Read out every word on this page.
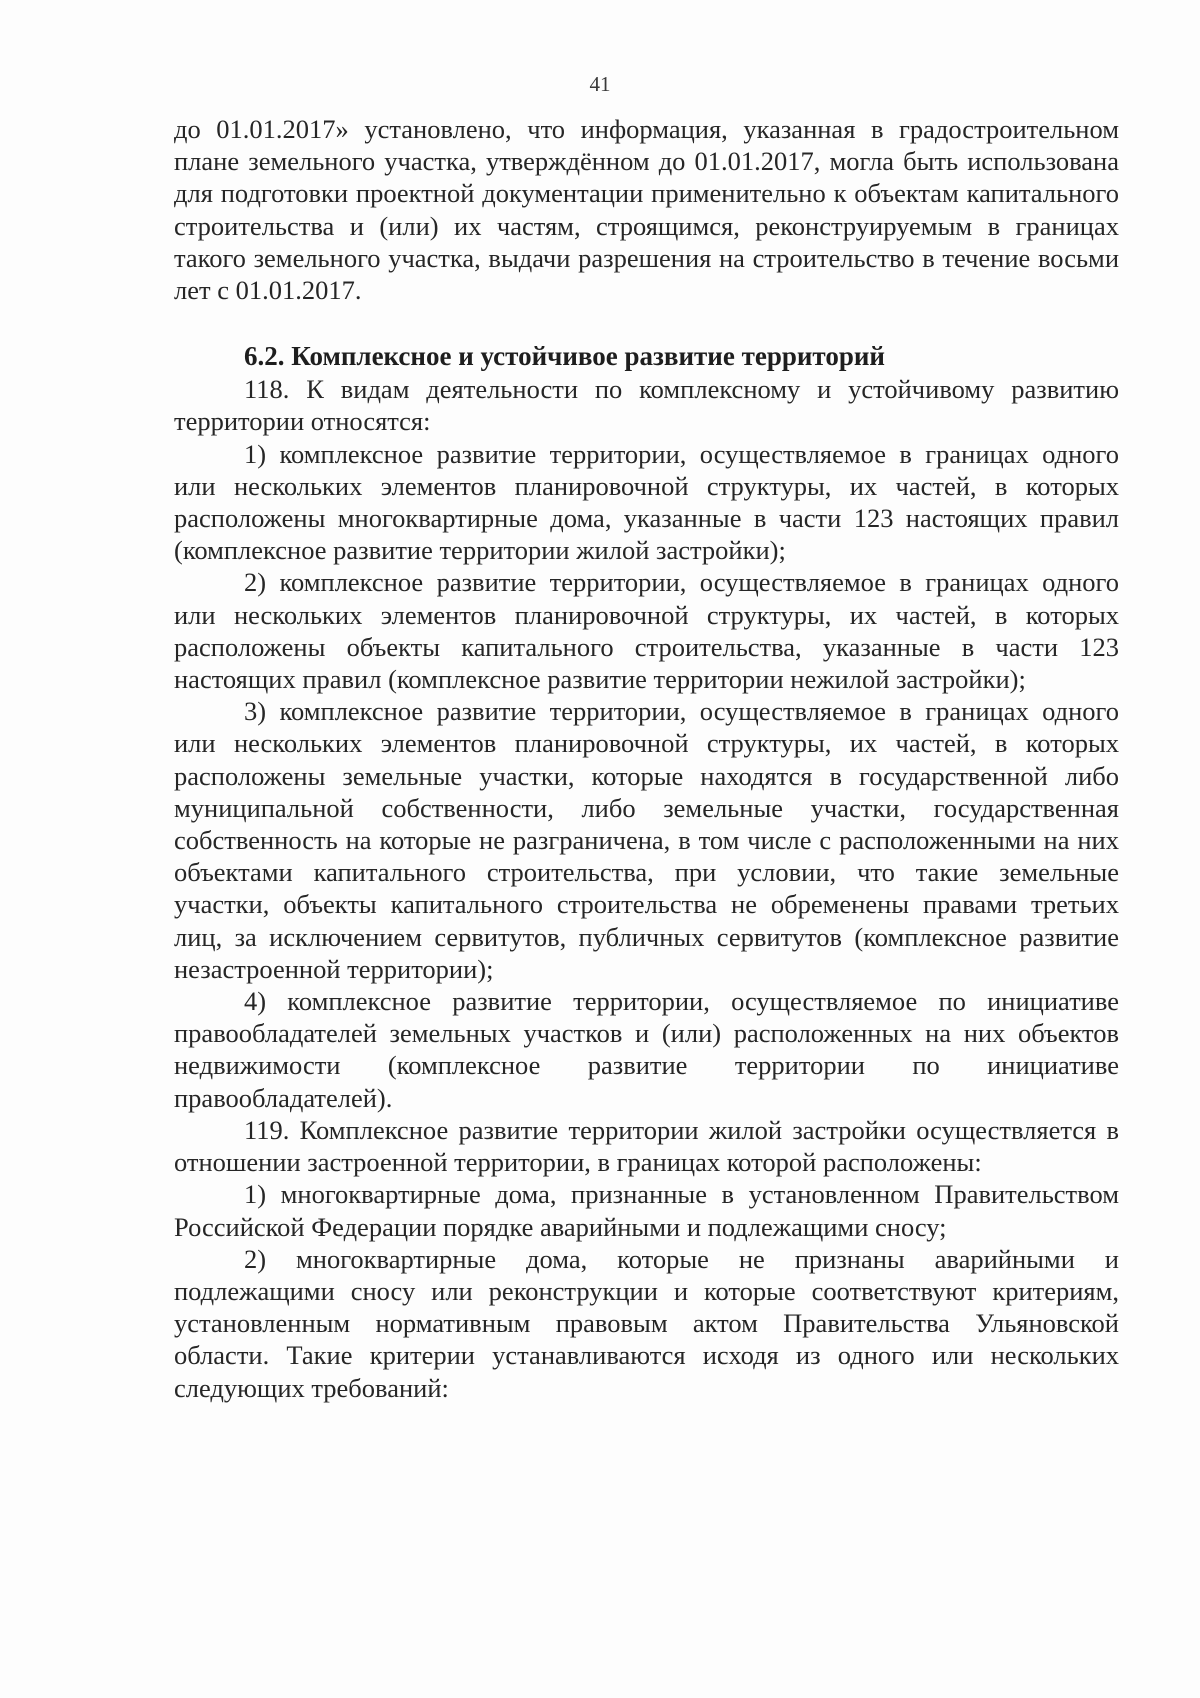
41

до 01.01.2017» установлено, что информация, указанная в градостроительном плане земельного участка, утверждённом до 01.01.2017, могла быть использована для подготовки проектной документации применительно к объектам капитального строительства и (или) их частям, строящимся, реконструируемым в границах такого земельного участка, выдачи разрешения на строительство в течение восьми лет с 01.01.2017.

6.2. Комплексное и устойчивое развитие территорий

118. К видам деятельности по комплексному и устойчивому развитию территории относятся:

1) комплексное развитие территории, осуществляемое в границах одного или нескольких элементов планировочной структуры, их частей, в которых расположены многоквартирные дома, указанные в части 123 настоящих правил (комплексное развитие территории жилой застройки);

2) комплексное развитие территории, осуществляемое в границах одного или нескольких элементов планировочной структуры, их частей, в которых расположены объекты капитального строительства, указанные в части 123 настоящих правил (комплексное развитие территории нежилой застройки);

3) комплексное развитие территории, осуществляемое в границах одного или нескольких элементов планировочной структуры, их частей, в которых расположены земельные участки, которые находятся в государственной либо муниципальной собственности, либо земельные участки, государственная собственность на которые не разграничена, в том числе с расположенными на них объектами капитального строительства, при условии, что такие земельные участки, объекты капитального строительства не обременены правами третьих лиц, за исключением сервитутов, публичных сервитутов (комплексное развитие незастроенной территории);

4) комплексное развитие территории, осуществляемое по инициативе правообладателей земельных участков и (или) расположенных на них объектов недвижимости (комплексное развитие территории по инициативе правообладателей).

119. Комплексное развитие территории жилой застройки осуществляется в отношении застроенной территории, в границах которой расположены:

1) многоквартирные дома, признанные в установленном Правительством Российской Федерации порядке аварийными и подлежащими сносу;

2) многоквартирные дома, которые не признаны аварийными и подлежащими сносу или реконструкции и которые соответствуют критериям, установленным нормативным правовым актом Правительства Ульяновской области. Такие критерии устанавливаются исходя из одного или нескольких следующих требований:
